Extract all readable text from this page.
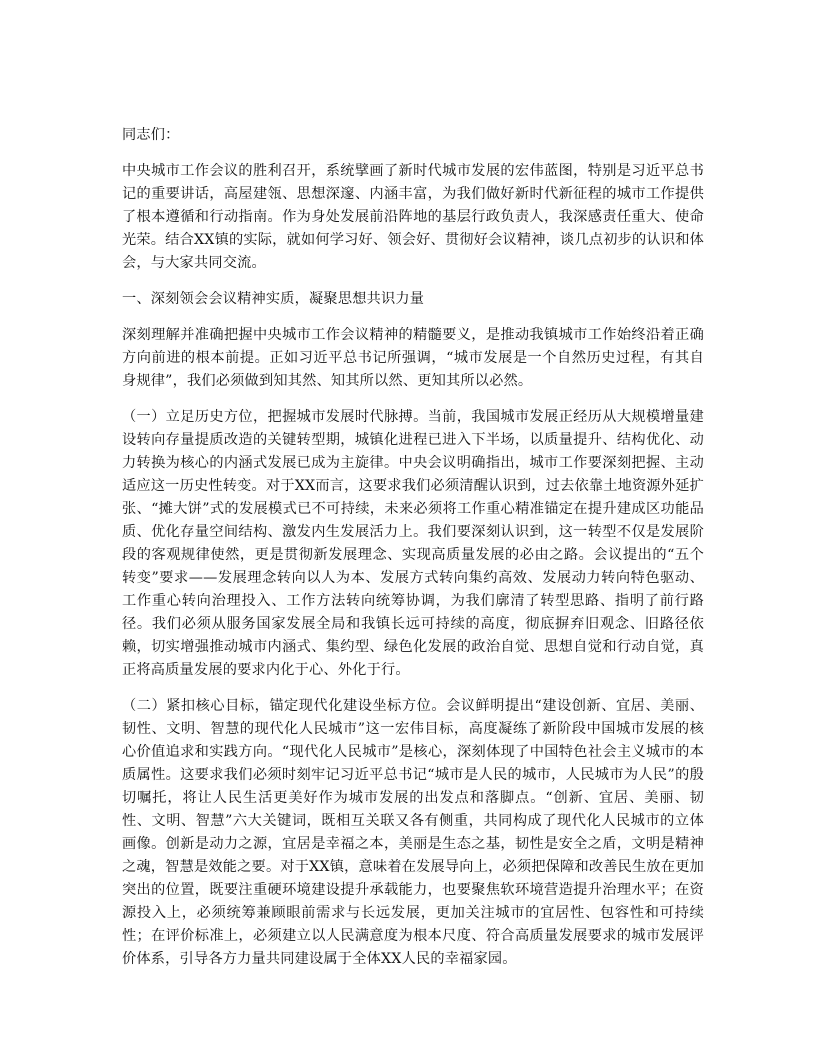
同志们：

中央城市工作会议的胜利召开，系统擘画了新时代城市发展的宏伟蓝图，特别是习近平总书记的重要讲话，高屋建瓴、思想深邃、内涵丰富，为我们做好新时代新征程的城市工作提供了根本遵循和行动指南。作为身处发展前沿阵地的基层行政负责人，我深感责任重大、使命光荣。结合XX镇的实际，就如何学习好、领会好、贯彻好会议精神，谈几点初步的认识和体会，与大家共同交流。

一、深刻领会会议精神实质，凝聚思想共识力量

深刻理解并准确把握中央城市工作会议精神的精髓要义，是推动我镇城市工作始终沿着正确方向前进的根本前提。正如习近平总书记所强调，“城市发展是一个自然历史过程，有其自身规律”，我们必须做到知其然、知其所以然、更知其所以必然。

（一）立足历史方位，把握城市发展时代脉搏。当前，我国城市发展正经历从大规模增量建设转向存量提质改造的关键转型期，城镇化进程已进入下半场，以质量提升、结构优化、动力转换为核心的内涵式发展已成为主旋律。中央会议明确指出，城市工作要深刻把握、主动适应这一历史性转变。对于XX而言，这要求我们必须清醒认识到，过去依靠土地资源外延扩张、“摊大饼”式的发展模式已不可持续，未来必须将工作重心精准锚定在提升建成区功能品质、优化存量空间结构、激发内生发展活力上。我们要深刻认识到，这一转型不仅是发展阶段的客观规律使然，更是贯彻新发展理念、实现高质量发展的必由之路。会议提出的“五个转变”要求——发展理念转向以人为本、发展方式转向集约高效、发展动力转向特色驱动、工作重心转向治理投入、工作方法转向统筹协调，为我们廓清了转型思路、指明了前行路径。我们必须从服务国家发展全局和我镇长远可持续的高度，彻底摒弃旧观念、旧路径依赖，切实增强推动城市内涵式、集约型、绿色化发展的政治自觉、思想自觉和行动自觉，真正将高质量发展的要求内化于心、外化于行。

（二）紧扣核心目标，锚定现代化建设坐标方位。会议鲜明提出“建设创新、宜居、美丽、韧性、文明、智慧的现代化人民城市”这一宏伟目标，高度凝练了新阶段中国城市发展的核心价值追求和实践方向。“现代化人民城市”是核心，深刻体现了中国特色社会主义城市的本质属性。这要求我们必须时刻牢记习近平总书记“城市是人民的城市，人民城市为人民”的殷切嘱托，将让人民生活更美好作为城市发展的出发点和落脚点。“创新、宜居、美丽、韧性、文明、智慧”六大关键词，既相互关联又各有侧重，共同构成了现代化人民城市的立体画像。创新是动力之源，宜居是幸福之本，美丽是生态之基，韧性是安全之盾，文明是精神之魂，智慧是效能之要。对于XX镇，意味着在发展导向上，必须把保障和改善民生放在更加突出的位置，既要注重硬环境建设提升承载能力，也要聚焦软环境营造提升治理水平；在资源投入上，必须统筹兼顾眼前需求与长远发展，更加关注城市的宜居性、包容性和可持续性；在评价标准上，必须建立以人民满意度为根本尺度、符合高质量发展要求的城市发展评价体系，引导各方力量共同建设属于全体XX人民的幸福家园。
